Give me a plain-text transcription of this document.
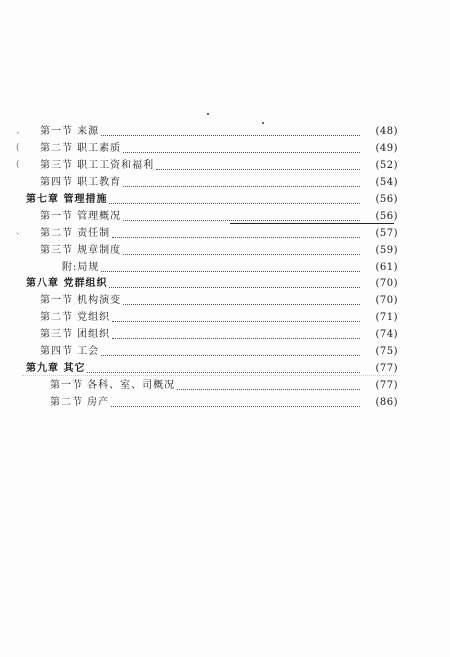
、 第一节 来源	(48)
( 第二节 职工素质	(49)
( 第三节 职工工资和福利	(52)
第四节 职工教育	(54)
第七章 管理措施	(56)
第一节 管理概况	(56)
、 第二节 责任制	(57)
第三节 规章制度	(59)
附:局规	(61)
第八章 党群组织	(70)
第一节 机构演变	(70)
第二节 党组织	(71)
第三节 团组织	(74)
第四节 工会	(75)
第九章 其它	(77)
第一节 各科、室、司概况	(77)
第二节 房产	(86)
